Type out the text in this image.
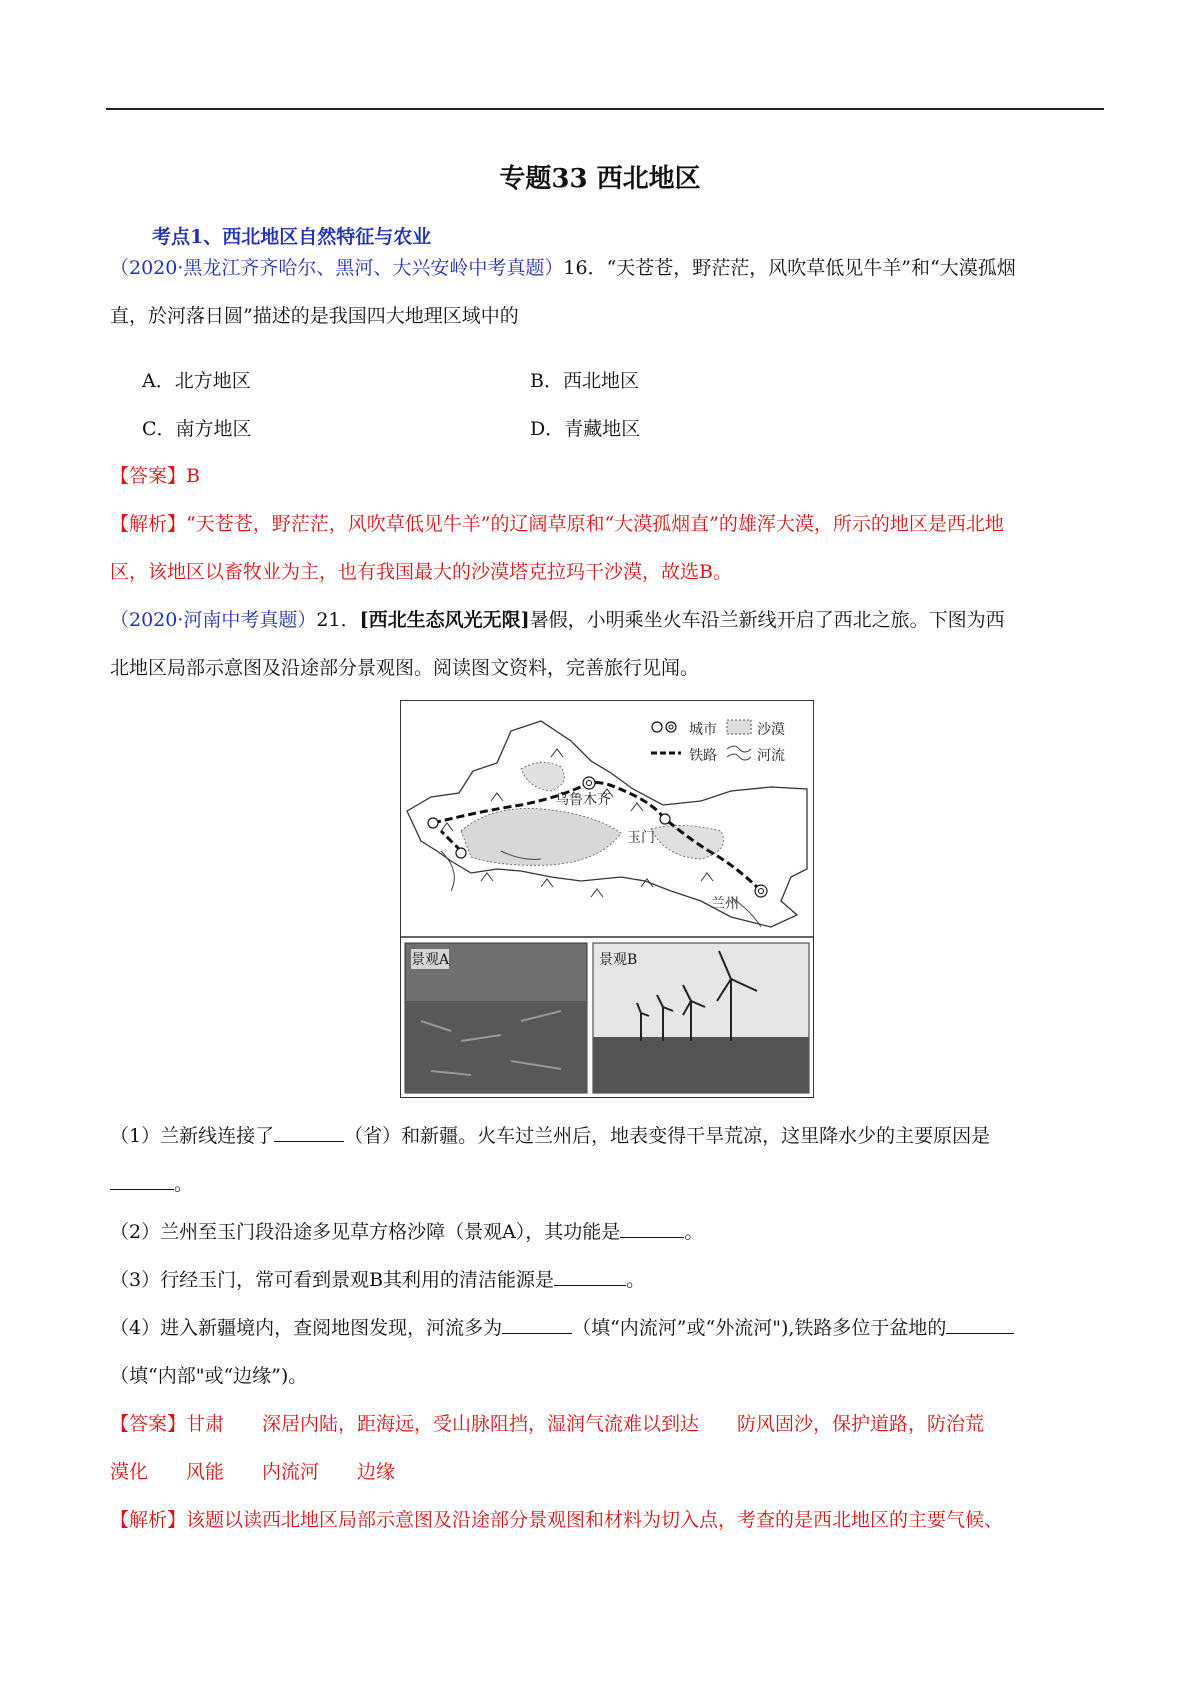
专题33 西北地区
考点1、西北地区自然特征与农业
（2020·黑龙江齐齐哈尔、黑河、大兴安岭中考真题）16．“天苍苍，野茫茫，风吹草低见牛羊”和“大漠孤烟
直，於河落日圆”描述的是我国四大地理区域中的
A．北方地区	B．西北地区
C．南方地区	D．青藏地区
【答案】B
【解析】“天苍苍，野茫茫，风吹草低见牛羊”的辽阔草原和“大漠孤烟直”的雄浑大漠，所示的地区是西北地
区，该地区以畜牧业为主，也有我国最大的沙漠塔克拉玛干沙漠，故选B。
（2020·河南中考真题）21．[西北生态风光无限]暑假，小明乘坐火车沿兰新线开启了西北之旅。下图为西
北地区局部示意图及沿途部分景观图。阅读图文资料，完善旅行见闻。
城市	沙漠
铁路	河流
乌鲁木齐
玉门
兰州
景观A	景观B
（1）兰新线连接了	（省）和新疆。火车过兰州后，地表变得干旱荒凉，这里降水少的主要原因是
。
（2）兰州至玉门段沿途多见草方格沙障（景观A），其功能是	。
（3）行经玉门，常可看到景观B其利用的清洁能源是	。
（4）进入新疆境内，查阅地图发现，河流多为	（填“内流河”或“外流河"),铁路多位于盆地的
（填“内部"或“边缘”)。
【答案】甘肃　　深居内陆，距海远，受山脉阻挡，湿润气流难以到达　　防风固沙，保护道路，防治荒
漠化　　风能　　内流河　　边缘
【解析】该题以读西北地区局部示意图及沿途部分景观图和材料为切入点，考查的是西北地区的主要气候、
